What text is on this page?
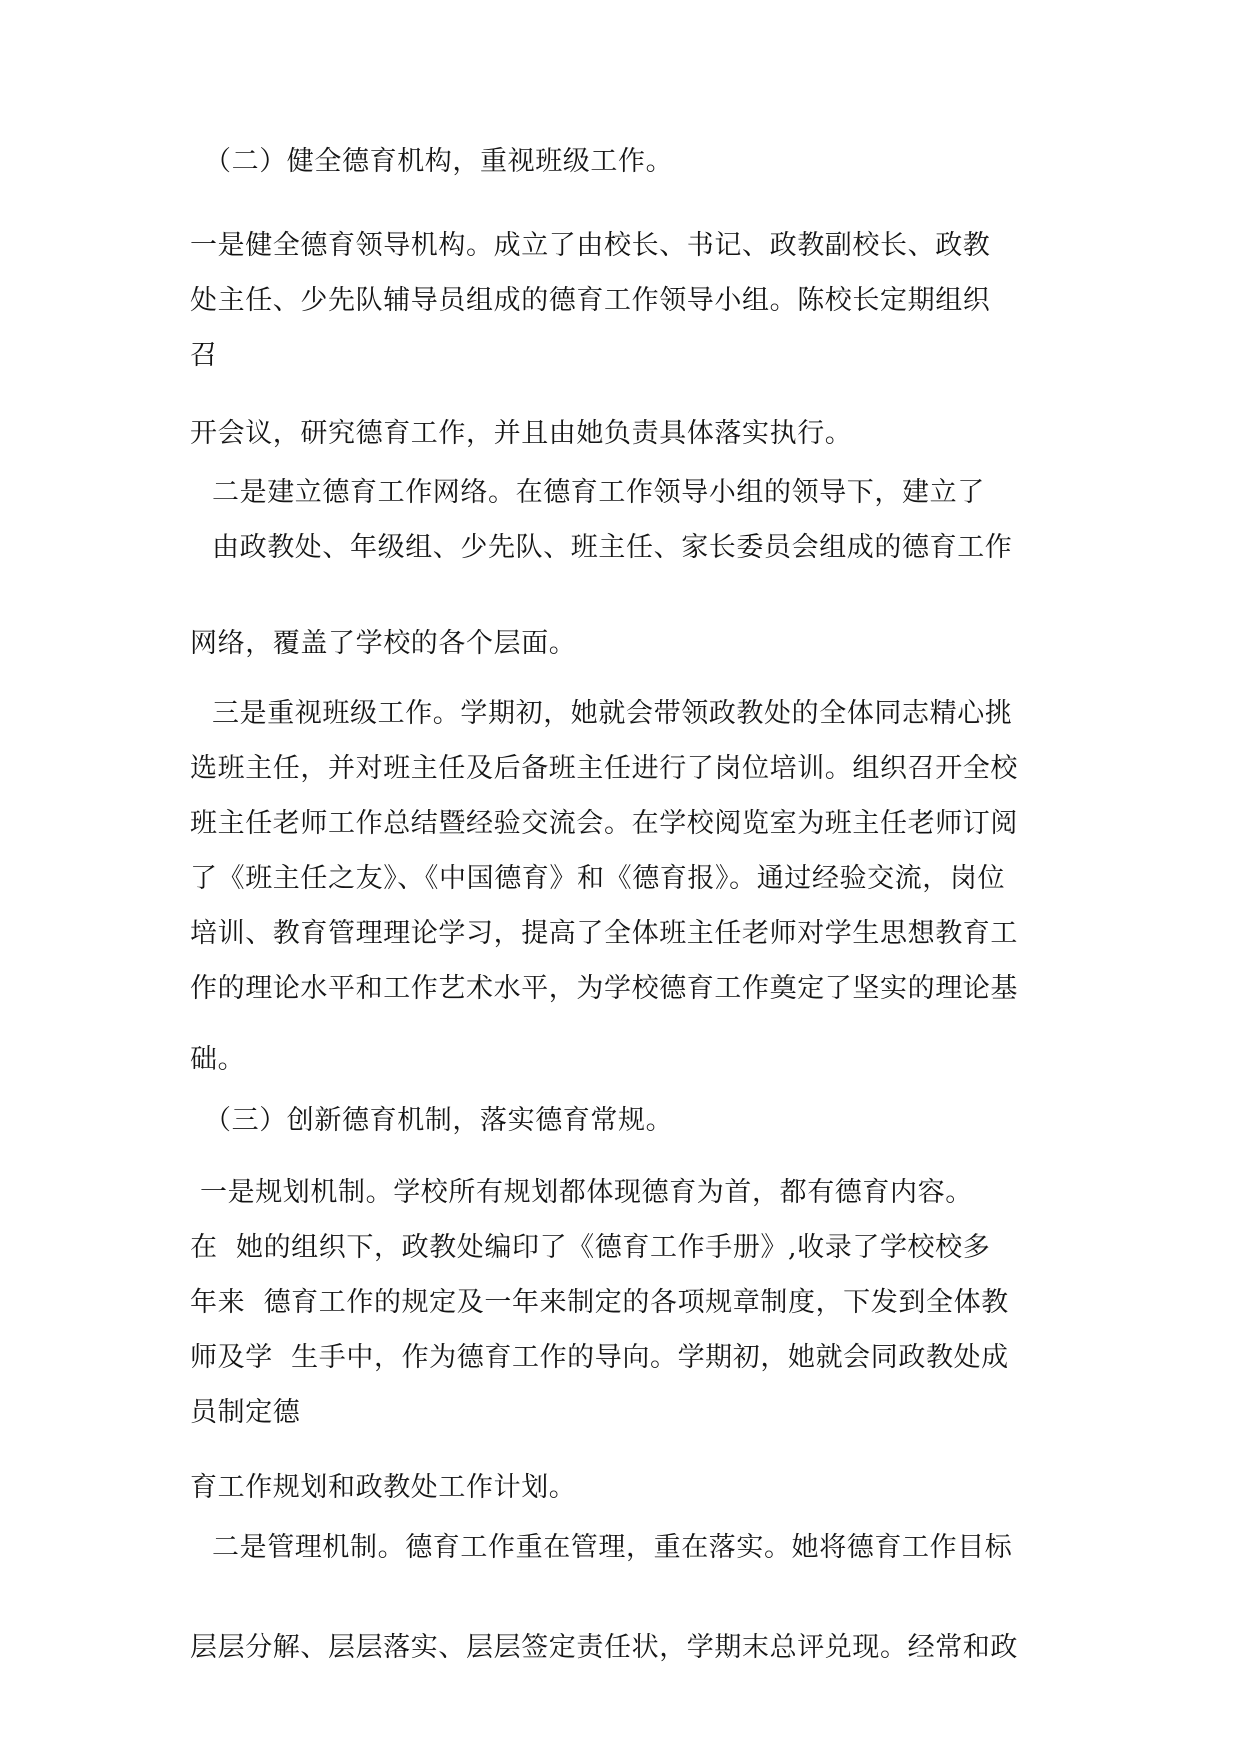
（二）健全德育机构，重视班级工作。
一是健全德育领导机构。成立了由校长、书记、政教副校长、政教
处主任、少先队辅导员组成的德育工作领导小组。陈校长定期组织
召
开会议，研究德育工作，并且由她负责具体落实执行。
二是建立德育工作网络。在德育工作领导小组的领导下，建立了
由政教处、年级组、少先队、班主任、家长委员会组成的德育工作
网络，覆盖了学校的各个层面。
三是重视班级工作。学期初，她就会带领政教处的全体同志精心挑
选班主任，并对班主任及后备班主任进行了岗位培训。组织召开全校
班主任老师工作总结暨经验交流会。在学校阅览室为班主任老师订阅
了《班主任之友》、《中国德育》和《德育报》。通过经验交流，岗位
培训、教育管理理论学习，提高了全体班主任老师对学生思想教育工
作的理论水平和工作艺术水平，为学校德育工作奠定了坚实的理论基
础。
（三）创新德育机制，落实德育常规。
一是规划机制。学校所有规划都体现德育为首，都有德育内容。
在  她的组织下，政教处编印了《德育工作手册》,收录了学校校多
年来  德育工作的规定及一年来制定的各项规章制度，下发到全体教
师及学  生手中，作为德育工作的导向。学期初，她就会同政教处成
员制定德
育工作规划和政教处工作计划。
二是管理机制。德育工作重在管理，重在落实。她将德育工作目标
层层分解、层层落实、层层签定责任状，学期末总评兑现。经常和政
